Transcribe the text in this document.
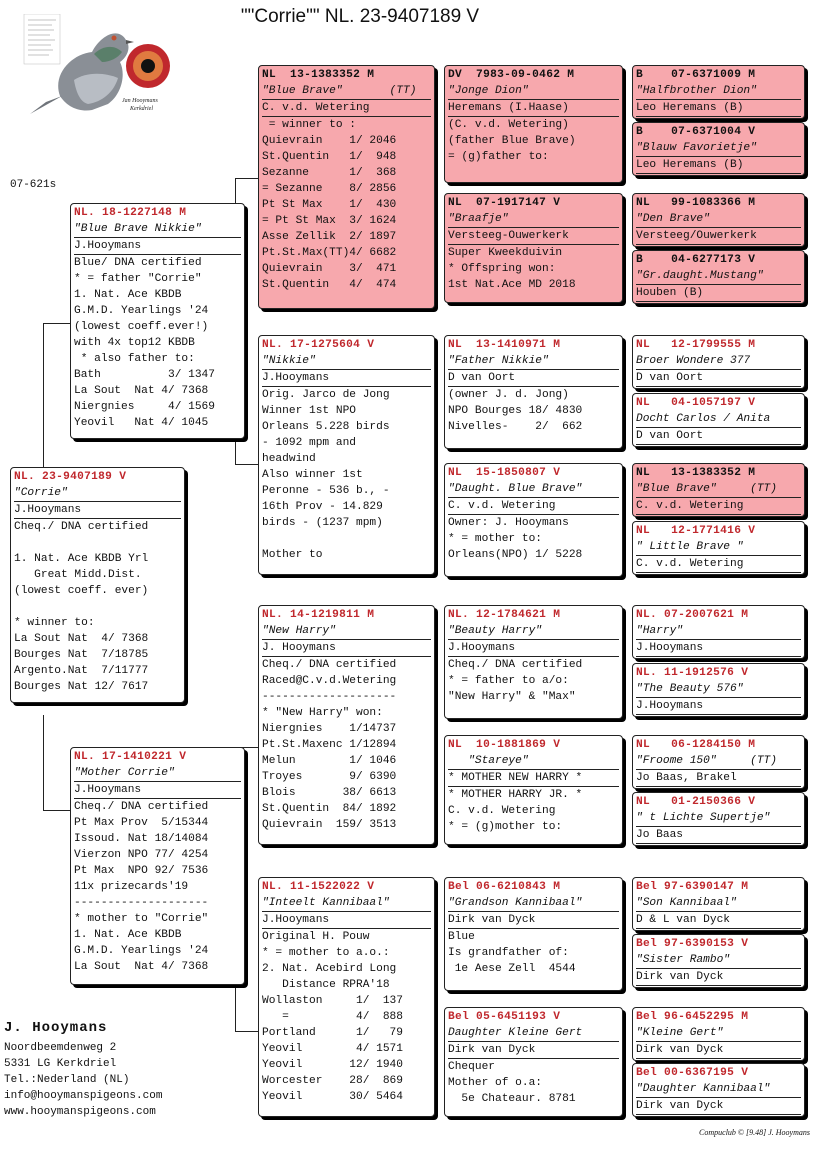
""Corrie"" NL. 23-9407189 V
Jan Hooymans
Kerkdriel
07-621s
NL. 23-9407189 V
"Corrie"
J.Hooymans
Cheq./ DNA certified
1. Nat. Ace KBDB Yrl
Great Midd.Dist.
(lowest coeff. ever)
* winner to:
La Sout Nat  4/ 7368
Bourges Nat  7/18785
Argento.Nat  7/11777
Bourges Nat 12/ 7617
NL. 18-1227148 M
"Blue Brave Nikkie"
J.Hooymans
Blue/ DNA certified
* = father "Corrie"
1. Nat. Ace KBDB
G.M.D. Yearlings '24
(lowest coeff.ever!)
with 4x top12 KBDB
* also father to:
Bath          3/ 1347
La Sout  Nat 4/ 7368
Niergnies     4/ 1569
Yeovil   Nat 4/ 1045
NL. 17-1410221 V
"Mother Corrie"
J.Hooymans
Cheq./ DNA certified
Pt Max Prov  5/15344
Issoud. Nat 18/14084
Vierzon NPO 77/ 4254
Pt Max  NPO 92/ 7536
11x prizecards'19
--------------------
* mother to "Corrie"
1. Nat. Ace KBDB
G.M.D. Yearlings '24
La Sout  Nat 4/ 7368
NL  13-1383352 M
"Blue Brave"       (TT)
C. v.d. Wetering
= winner to :
Quievrain    1/ 2046
St.Quentin   1/  948
Sezanne      1/  368
= Sezanne    8/ 2856
Pt St Max    1/  430
= Pt St Max  3/ 1624
Asse Zellik  2/ 1897
Pt.St.Max(TT)4/ 6682
Quievrain    3/  471
St.Quentin   4/  474
NL. 17-1275604 V
"Nikkie"
J.Hooymans
Orig. Jarco de Jong
Winner 1st NPO
Orleans 5.228 birds
- 1092 mpm and
headwind
Also winner 1st
Peronne - 536 b., -
16th Prov - 14.829
birds - (1237 mpm)
Mother to
NL. 14-1219811 M
"New Harry"
J. Hooymans
Cheq./ DNA certified
Raced@C.v.d.Wetering
--------------------
* "New Harry" won:
Niergnies    1/14737
Pt.St.Maxenc 1/12894
Melun        1/ 1046
Troyes       9/ 6390
Blois       38/ 6613
St.Quentin  84/ 1892
Quievrain  159/ 3513
NL. 11-1522022 V
"Inteelt Kannibaal"
J.Hooymans
Original H. Pouw
* = mother to a.o.:
2. Nat. Acebird Long
Distance RPRA'18
Wollaston     1/  137
=          4/  888
Portland      1/   79
Yeovil        4/ 1571
Yeovil       12/ 1940
Worcester    28/  869
Yeovil       30/ 5464
DV  7983-09-0462 M
"Jonge Dion"
Heremans (I.Haase)
(C. v.d. Wetering)
(father Blue Brave)
= (g)father to:
NL  07-1917147 V
"Braafje"
Versteeg-Ouwerkerk
Super Kweekduivin
* Offspring won:
1st Nat.Ace MD 2018
NL  13-1410971 M
"Father Nikkie"
D van Oort
(owner J. d. Jong)
NPO Bourges 18/ 4830
Nivelles-    2/  662
NL  15-1850807 V
"Daught. Blue Brave"
C. v.d. Wetering
Owner: J. Hooymans
* = mother to:
Orleans(NPO) 1/ 5228
NL. 12-1784621 M
"Beauty Harry"
J.Hooymans
Cheq./ DNA certified
* = father to a/o:
"New Harry" & "Max"
NL  10-1881869 V
"Stareye"
* MOTHER NEW HARRY *
* MOTHER HARRY JR. *
C. v.d. Wetering
* = (g)mother to:
Bel 06-6210843 M
"Grandson Kannibaal"
Dirk van Dyck
Blue
Is grandfather of:
1e Aese Zell  4544
Bel 05-6451193 V
Daughter Kleine Gert
Dirk van Dyck
Chequer
Mother of o.a:
5e Chateaur. 8781
B    07-6371009 M
"Halfbrother Dion"
Leo Heremans (B)
B    07-6371004 V
"Blauw Favorietje"
Leo Heremans (B)
NL   99-1083366 M
"Den Brave"
Versteeg/Ouwerkerk
B    04-6277173 V
"Gr.daught.Mustang"
Houben (B)
NL   12-1799555 M
Broer Wondere 377
D van Oort
NL   04-1057197 V
Docht Carlos / Anita
D van Oort
NL   13-1383352 M
"Blue Brave"     (TT)
C. v.d. Wetering
NL   12-1771416 V
" Little Brave "
C. v.d. Wetering
NL. 07-2007621 M
"Harry"
J.Hooymans
NL. 11-1912576 V
"The Beauty 576"
J.Hooymans
NL   06-1284150 M
"Froome 150"     (TT)
Jo Baas, Brakel
NL   01-2150366 V
" t Lichte Supertje"
Jo Baas
Bel 97-6390147 M
"Son Kannibaal"
D & L van Dyck
Bel 97-6390153 V
"Sister Rambo"
Dirk van Dyck
Bel 96-6452295 M
"Kleine Gert"
Dirk van Dyck
Bel 00-6367195 V
"Daughter Kannibaal"
Dirk van Dyck
J. Hooymans
Noordbeemdenweg 2
5331 LG Kerkdriel
Tel.:Nederland (NL)
info@hooymanspigeons.com
www.hooymanspigeons.com
Compuclub © [9.48] J. Hooymans
